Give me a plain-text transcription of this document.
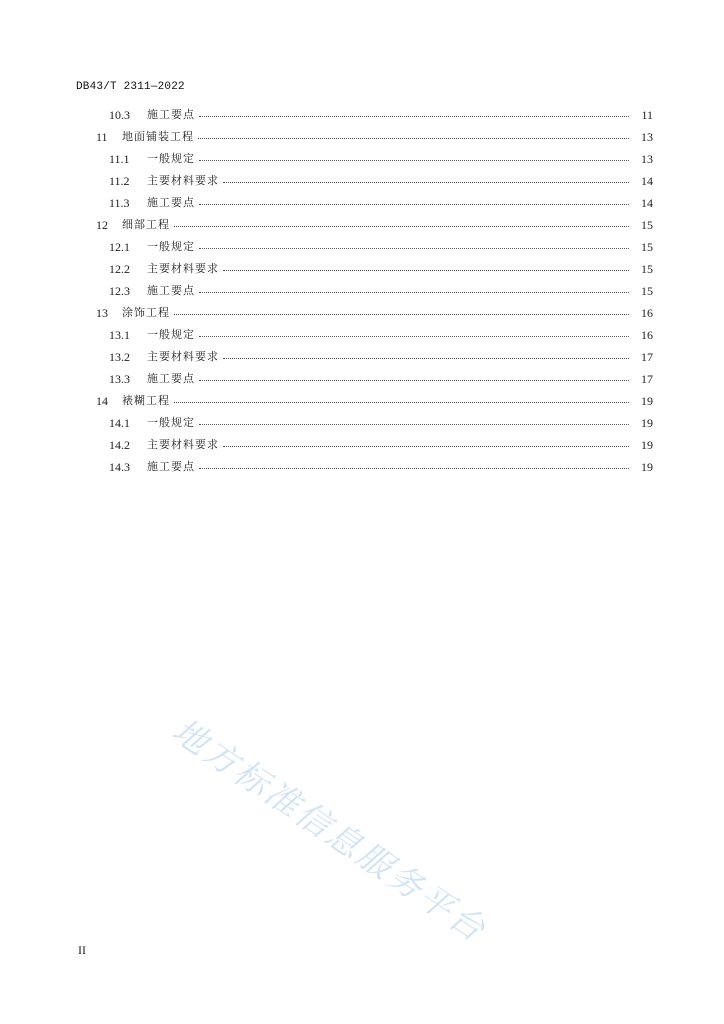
DB43/T 2311—2022
10.3	施工要点	11
11	地面铺装工程	13
11.1	一般规定	13
11.2	主要材料要求	14
11.3	施工要点	14
12	细部工程	15
12.1	一般规定	15
12.2	主要材料要求	15
12.3	施工要点	15
13	涂饰工程	16
13.1	一般规定	16
13.2	主要材料要求	17
13.3	施工要点	17
14	裱糊工程	19
14.1	一般规定	19
14.2	主要材料要求	19
14.3	施工要点	19
地方标准信息服务平台
II
